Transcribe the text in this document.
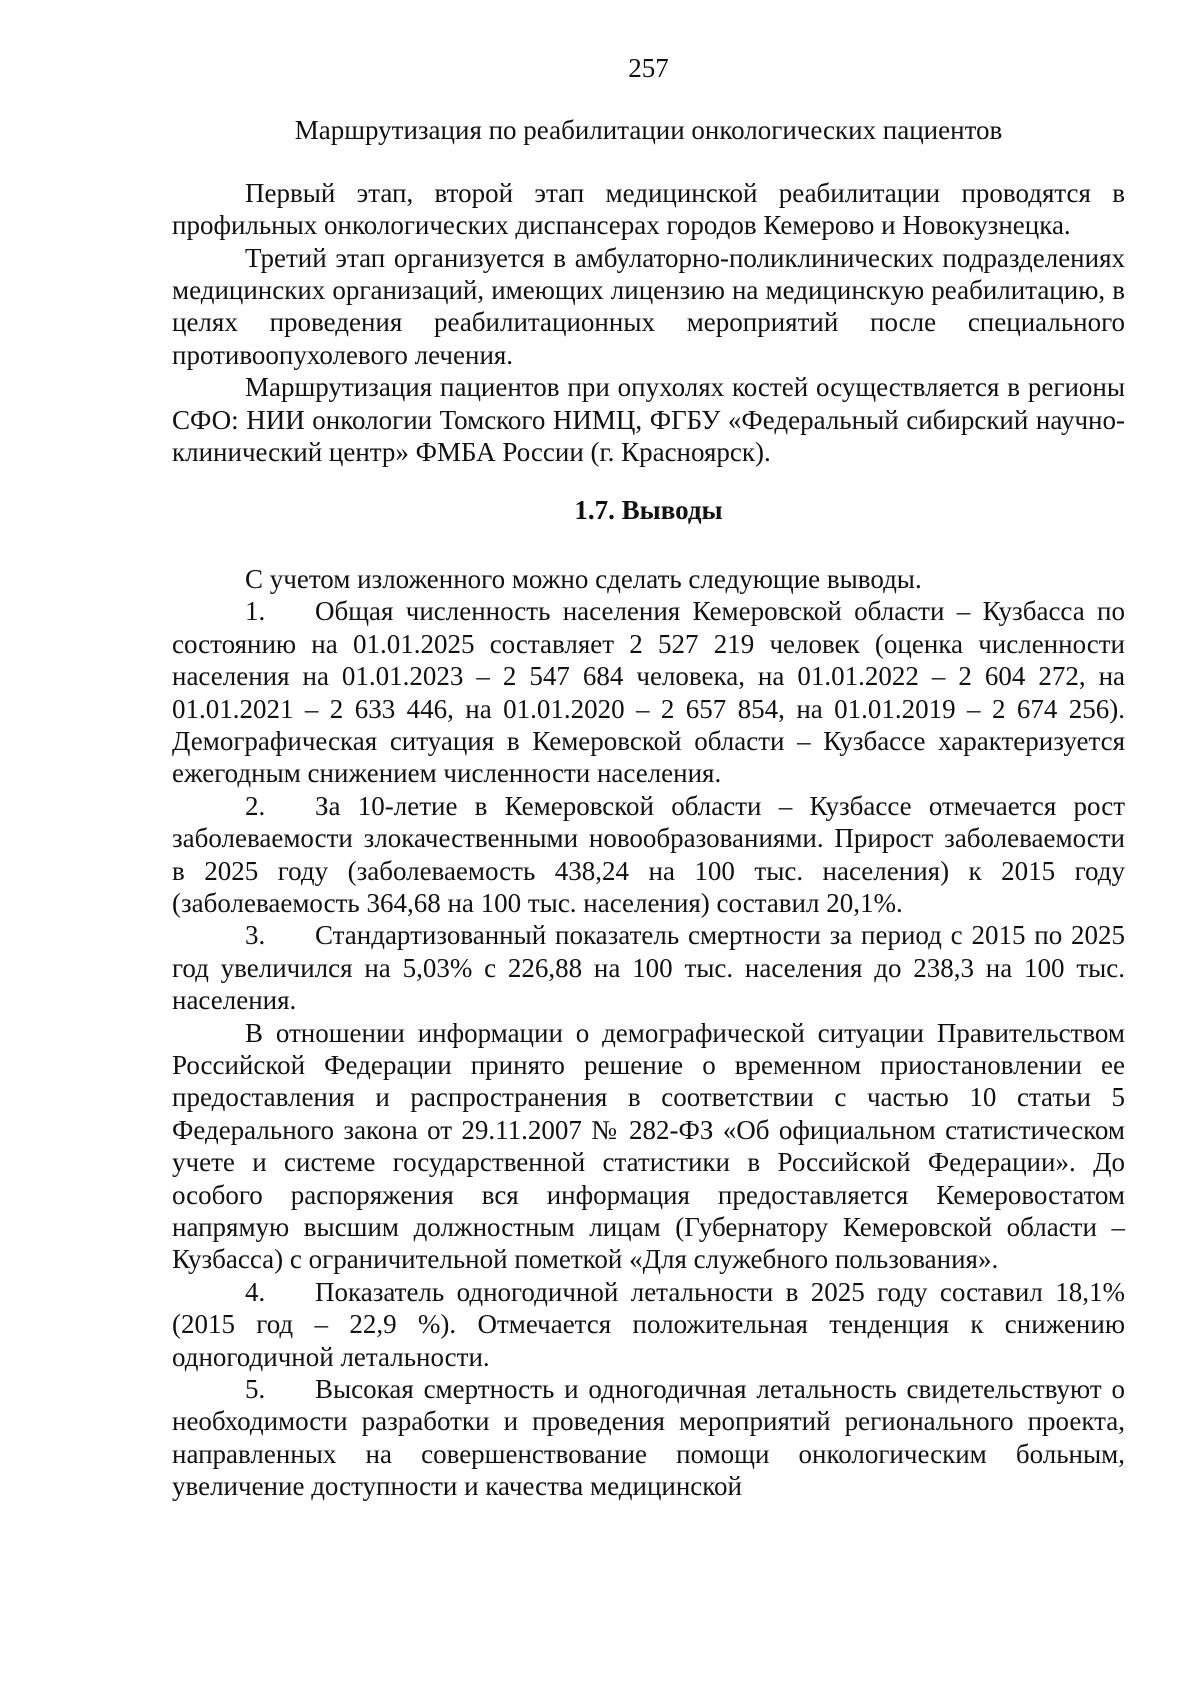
257
Маршрутизация по реабилитации онкологических пациентов

Первый этап, второй этап медицинской реабилитации проводятся в профильных онкологических диспансерах городов Кемерово и Новокузнецка.

Третий этап организуется в амбулаторно-поликлинических подразделениях медицинских организаций, имеющих лицензию на медицинскую реабилитацию, в целях проведения реабилитационных мероприятий после специального противоопухолевого лечения.

Маршрутизация пациентов при опухолях костей осуществляется в регионы СФО: НИИ онкологии Томского НИМЦ, ФГБУ «Федеральный сибирский научно-клинический центр» ФМБА России (г. Красноярск).

1.7. Выводы

С учетом изложенного можно сделать следующие выводы.

1. Общая численность населения Кемеровской области – Кузбасса по состоянию на 01.01.2025 составляет 2 527 219 человек (оценка численности населения на 01.01.2023 – 2 547 684 человека, на 01.01.2022 – 2 604 272, на 01.01.2021 – 2 633 446, на 01.01.2020 – 2 657 854, на 01.01.2019 – 2 674 256). Демографическая ситуация в Кемеровской области – Кузбассе характеризуется ежегодным снижением численности населения.

2. За 10-летие в Кемеровской области – Кузбассе отмечается рост заболеваемости злокачественными новообразованиями. Прирост заболеваемости в 2025 году (заболеваемость 438,24 на 100 тыс. населения) к 2015 году (заболеваемость 364,68 на 100 тыс. населения) составил 20,1%.

3. Стандартизованный показатель смертности за период с 2015 по 2025 год увеличился на 5,03% с 226,88 на 100 тыс. населения до 238,3 на 100 тыс. населения.

В отношении информации о демографической ситуации Правительством Российской Федерации принято решение о временном приостановлении ее предоставления и распространения в соответствии с частью 10 статьи 5 Федерального закона от 29.11.2007 № 282-ФЗ «Об официальном статистическом учете и системе государственной статистики в Российской Федерации». До особого распоряжения вся информация предоставляется Кемеровостатом напрямую высшим должностным лицам (Губернатору Кемеровской области – Кузбасса) с ограничительной пометкой «Для служебного пользования».

4. Показатель одногодичной летальности в 2025 году составил 18,1% (2015 год – 22,9 %). Отмечается положительная тенденция к снижению одногодичной летальности.

5. Высокая смертность и одногодичная летальность свидетельствуют о необходимости разработки и проведения мероприятий регионального проекта, направленных на совершенствование помощи онкологическим больным, увеличение доступности и качества медицинской
